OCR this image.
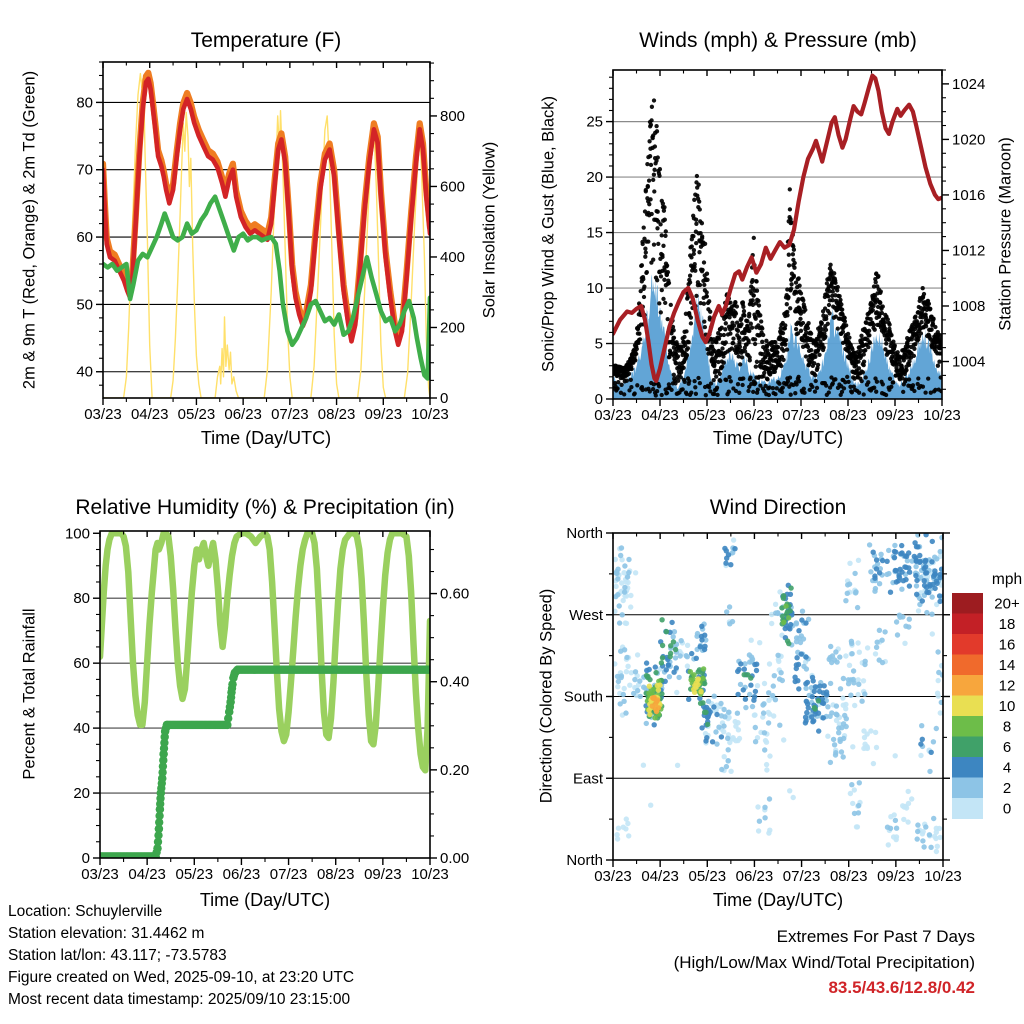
03/23 04/23 05/23 06/23 07/23 08/23 09/23 10/23
40
50
60
70
80
0
200
400
600
800
03/23 04/23 05/23 06/23 07/23 08/23 09/23 10/23
0
5
10
15
20
25
1004
1008
1012
1016
1020
1024
03/23 04/23 05/23 06/23 07/23 08/23 09/23 10/23
0
20
40
60
80
100
0.00
0.20
0.40
0.60
03/23 04/23 05/23 06/23 07/23 08/23 09/23 10/23
North
West
South
East
North
mph
20+
18
16
14
12
10
8
6
4
2
0
Temperature (F)	Winds (mph) & Pressure (mb)
Relative Humidity (%) & Precipitation (in)	Wind Direction
2m & 9m T (Red, Orange) & 2m Td (Green)	Solar Insolation (Yellow) Sonic/Prop Wind & Gust (Blue, Black)	Station Pressure (Maroon)
Percent & Total Rainfall	Direction (Colored By Speed)
Time (Day/UTC)	Time (Day/UTC)
Time (Day/UTC)	Time (Day/UTC)
Location: Schuylerville
Station elevation: 31.4462 m
Station lat/lon: 43.117; -73.5783
Figure created on Wed, 2025-09-10, at 23:20 UTC
Most recent data timestamp: 2025/09/10 23:15:00
Extremes For Past 7 Days
(High/Low/Max Wind/Total Precipitation)
83.5/43.6/12.8/0.42
